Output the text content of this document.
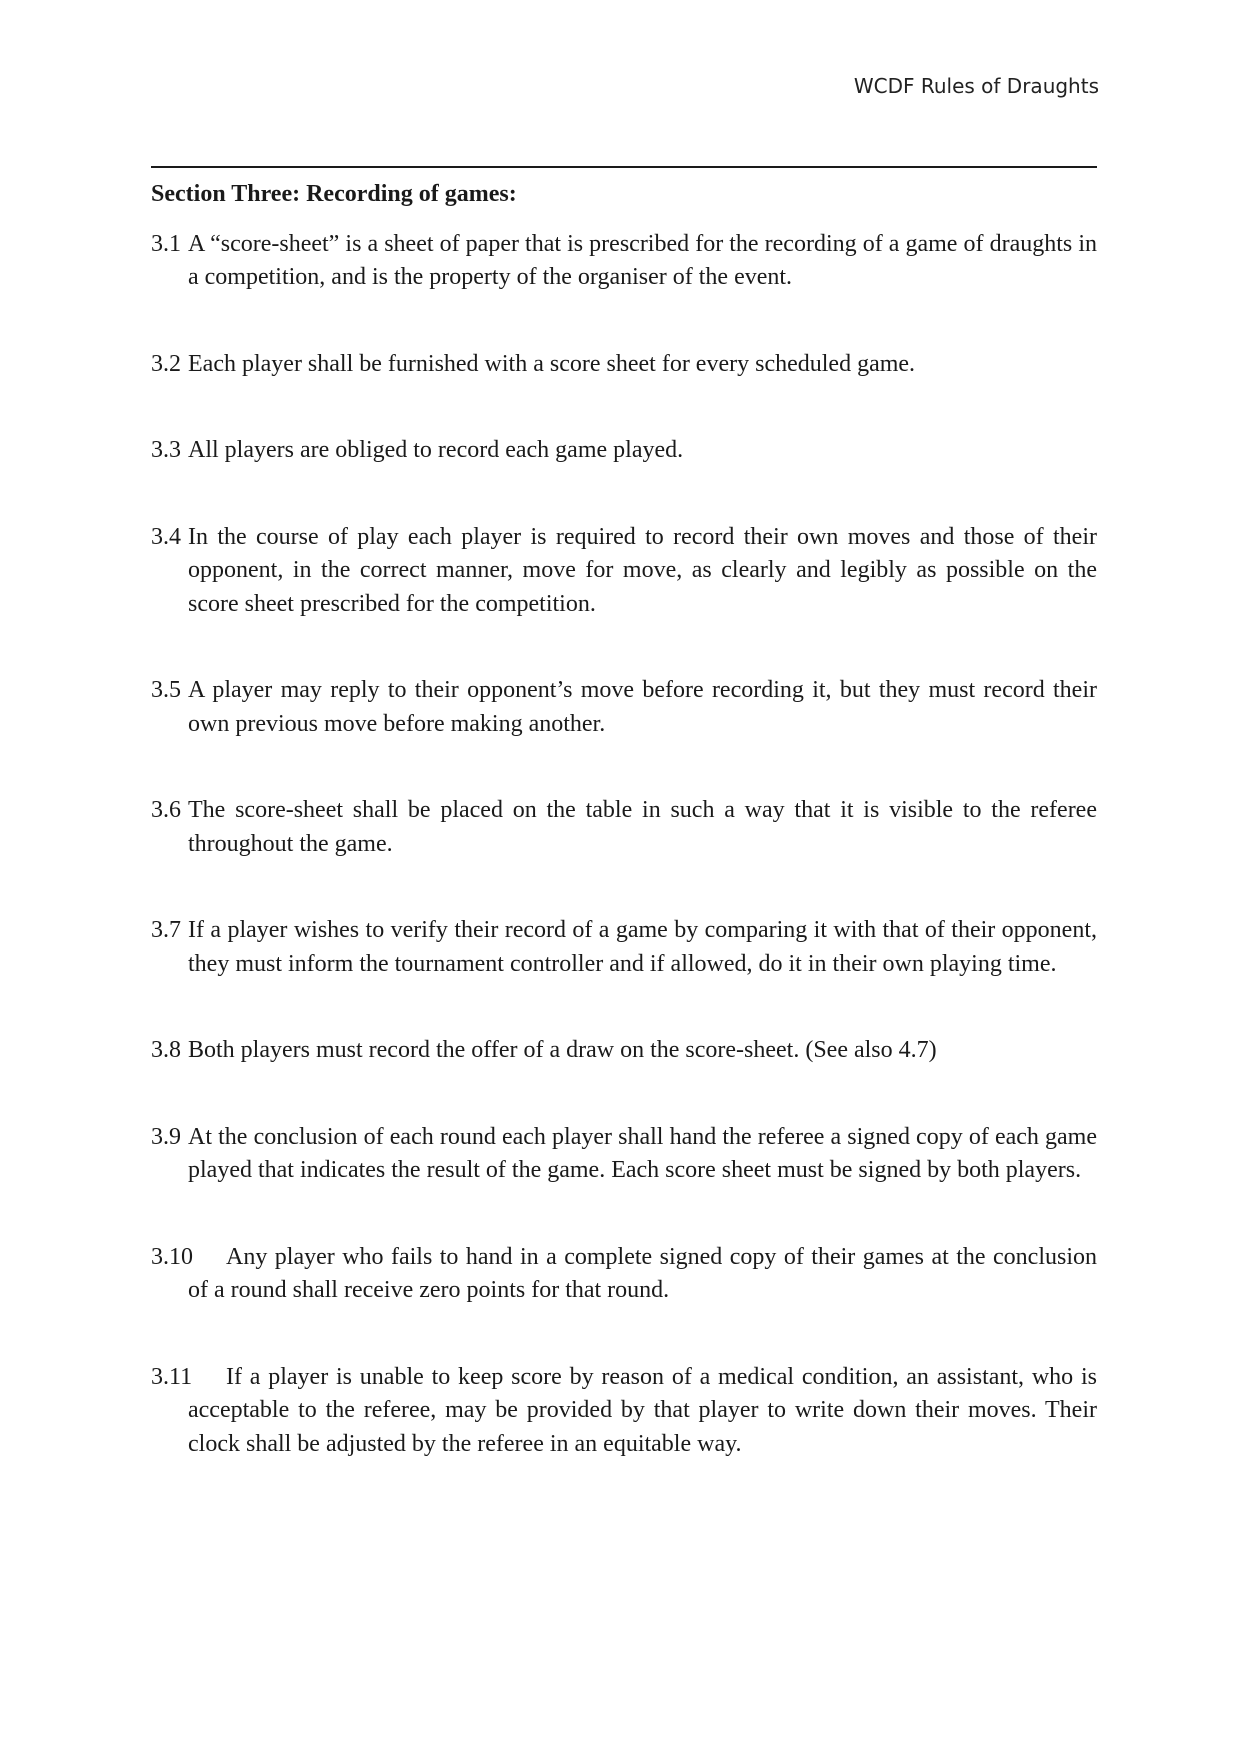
WCDF Rules of Draughts

Section Three: Recording of games:

3.1 A “score-sheet” is a sheet of paper that is prescribed for the recording of a game of draughts in a competition, and is the property of the organiser of the event.
3.2 Each player shall be furnished with a score sheet for every scheduled game.
3.3 All players are obliged to record each game played.
3.4 In the course of play each player is required to record their own moves and those of their opponent, in the correct manner, move for move, as clearly and legibly as possible on the score sheet prescribed for the competition.
3.5 A player may reply to their opponent’s move before recording it, but they must record their own previous move before making another.
3.6 The score-sheet shall be placed on the table in such a way that it is visible to the referee throughout the game.
3.7 If a player wishes to verify their record of a game by comparing it with that of their opponent, they must inform the tournament controller and if allowed, do it in their own playing time.
3.8 Both players must record the offer of a draw on the score-sheet. (See also 4.7)
3.9 At the conclusion of each round each player shall hand the referee a signed copy of each game played that indicates the result of the game. Each score sheet must be signed by both players.
3.10 Any player who fails to hand in a complete signed copy of their games at the conclusion of a round shall receive zero points for that round.
3.11 If a player is unable to keep score by reason of a medical condition, an assistant, who is acceptable to the referee, may be provided by that player to write down their moves. Their clock shall be adjusted by the referee in an equitable way.
